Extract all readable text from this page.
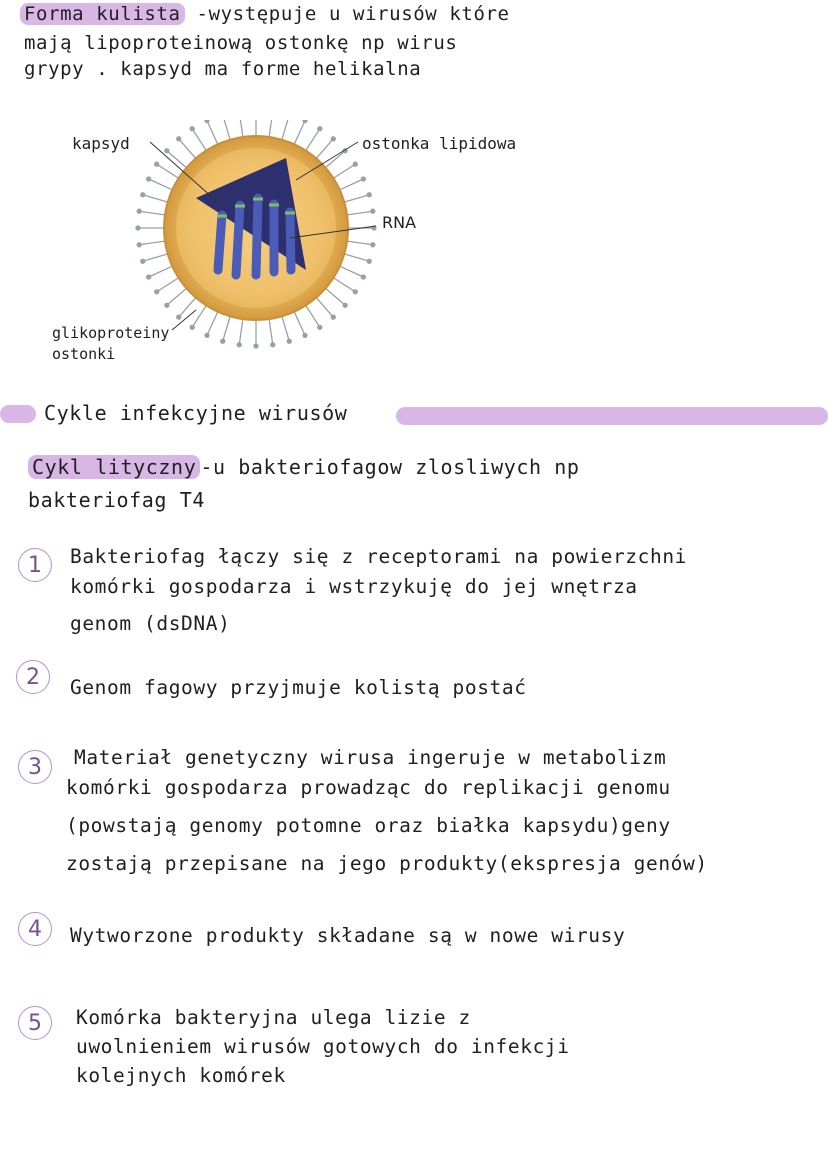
Forma kulista -występuje u wirusów które
mają lipoproteinową ostonkę np wirus
grypy . kapsyd ma forme helikalna
kapsyd	ostonka lipidowa
RNA
glikoproteiny
ostonki
Cykle infekcyjne wirusów
Cykl lityczny -u bakteriofagow zlosliwych np
bakteriofag T4
1	Bakteriofag łączy się z receptorami na powierzchni
komórki gospodarza i wstrzykuję do jej wnętrza
genom (dsDNA)
2	Genom fagowy przyjmuje kolistą postać
3	Materiał genetyczny wirusa ingeruje w metabolizm
komórki gospodarza prowadząc do replikacji genomu
(powstają genomy potomne oraz białka kapsydu)geny
zostają przepisane na jego produkty(ekspresja genów)
4	Wytworzone produkty składane są w nowe wirusy
5	Komórka bakteryjna ulega lizie z
uwolnieniem wirusów gotowych do infekcji
kolejnych komórek
